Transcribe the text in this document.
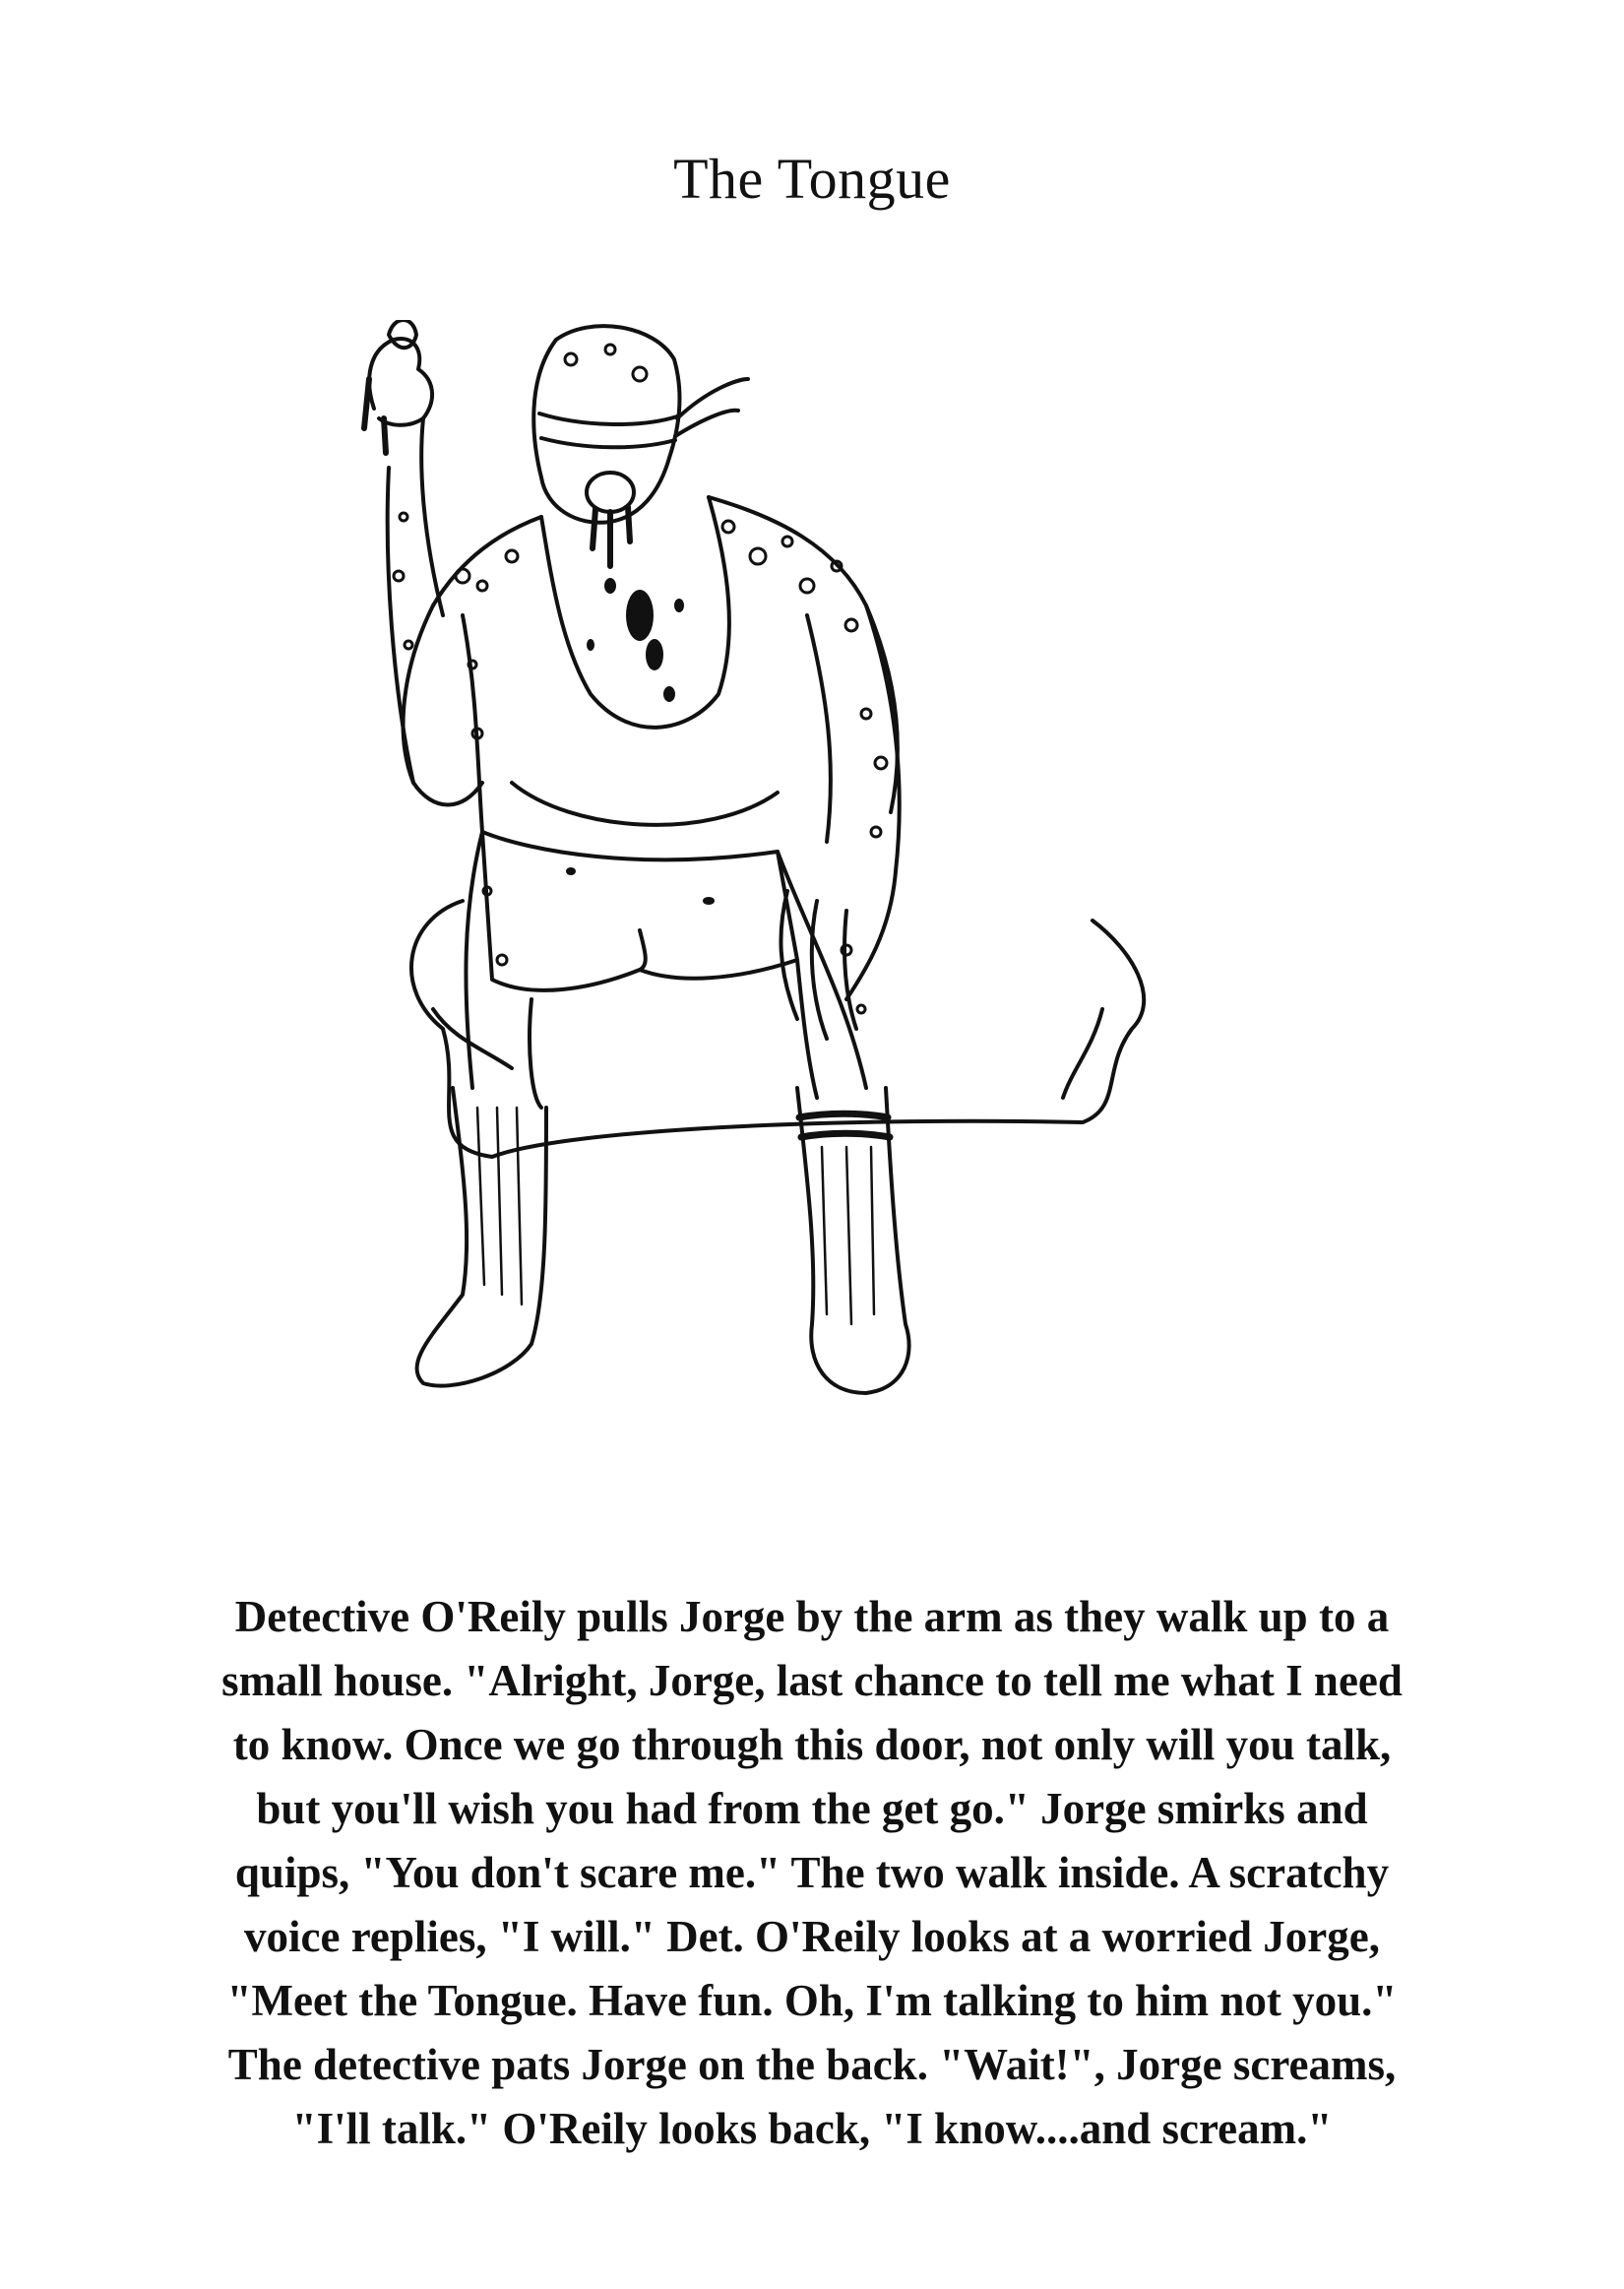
The Tongue

Detective O'Reily pulls Jorge by the arm as they walk up to a
small house. "Alright, Jorge, last chance to tell me what I need
to know. Once we go through this door, not only will you talk,
but you'll wish you had from the get go." Jorge smirks and
quips, "You don't scare me." The two walk inside. A scratchy
voice replies, "I will." Det. O'Reily looks at a worried Jorge,
"Meet the Tongue. Have fun. Oh, I'm talking to him not you."
The detective pats Jorge on the back. "Wait!", Jorge screams,
"I'll talk." O'Reily looks back, "I know....and scream."
